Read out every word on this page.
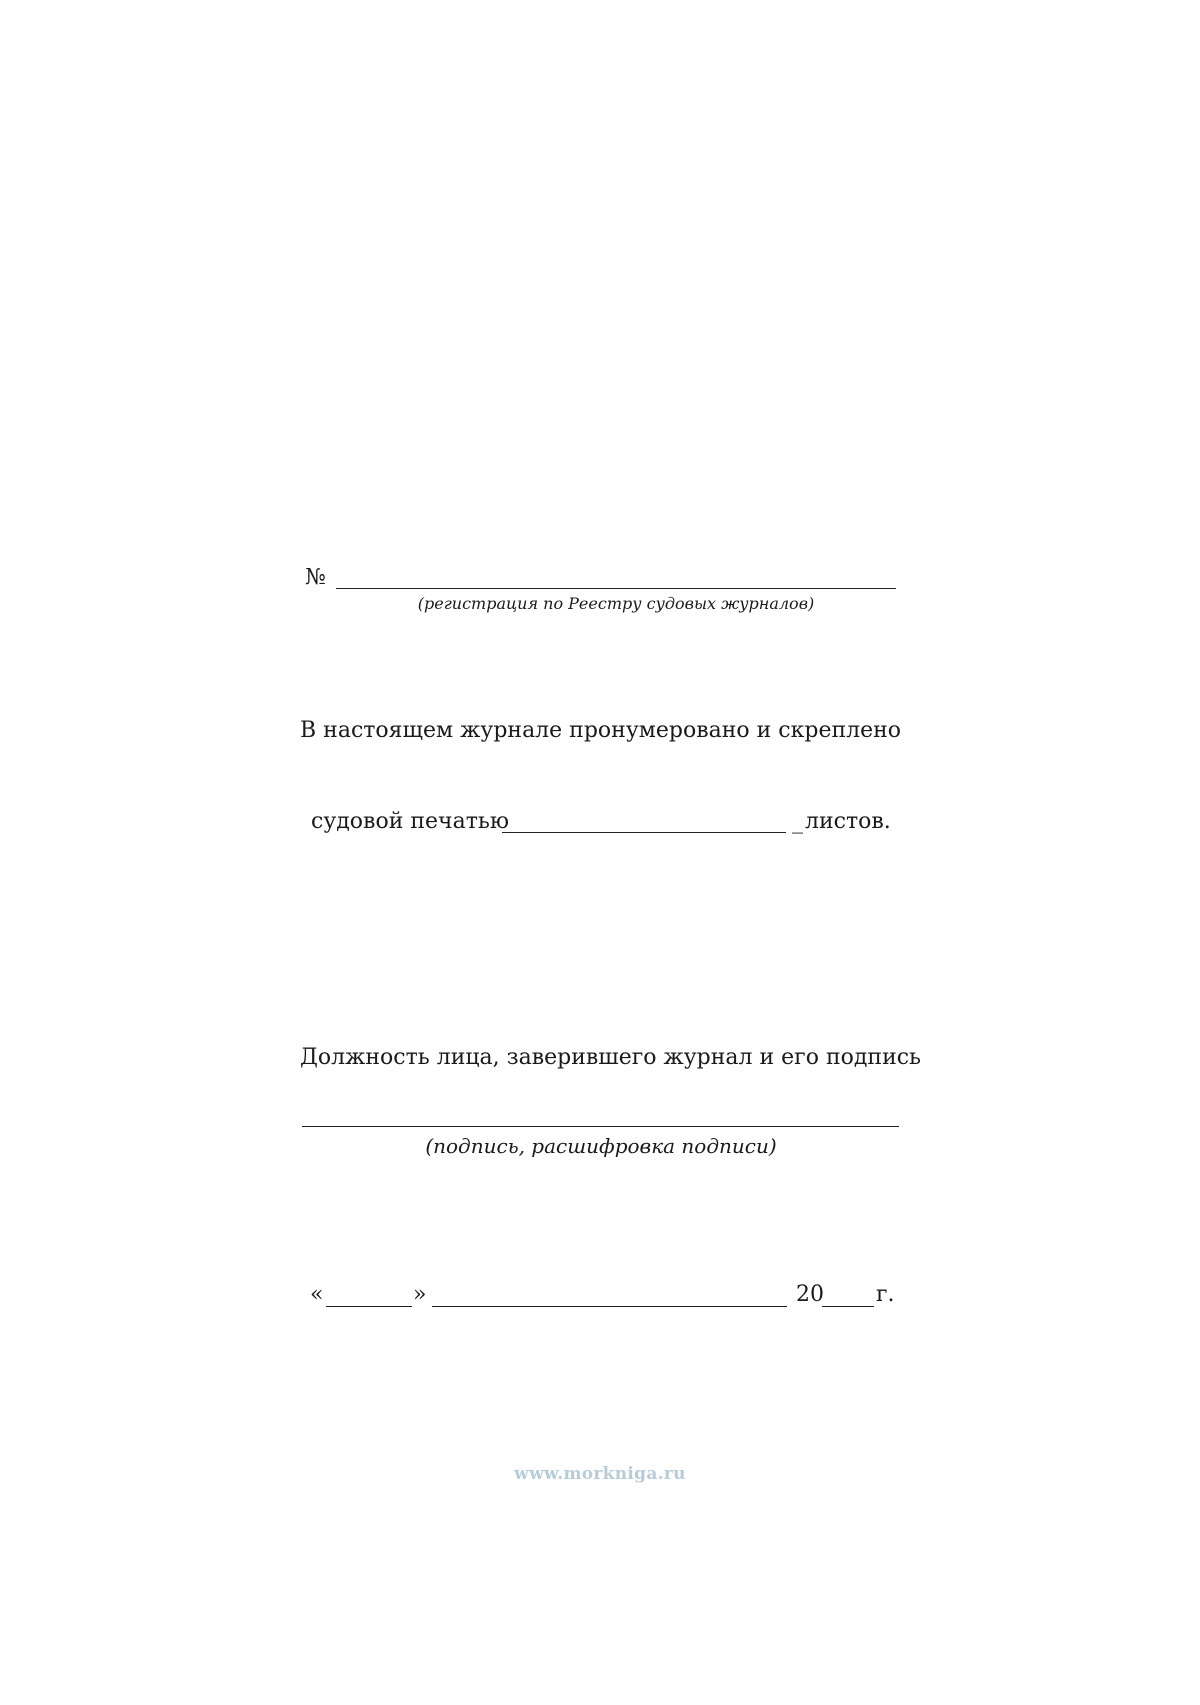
№
(регистрация по Реестру судовых журналов)
В настоящем журнале пронумеровано и скреплено
судовой печатью	_ листов.
Должность лица, заверившего журнал и его подпись
(подпись, расшифровка подписи)
«	»	20 г.
www.morkniga.ru
